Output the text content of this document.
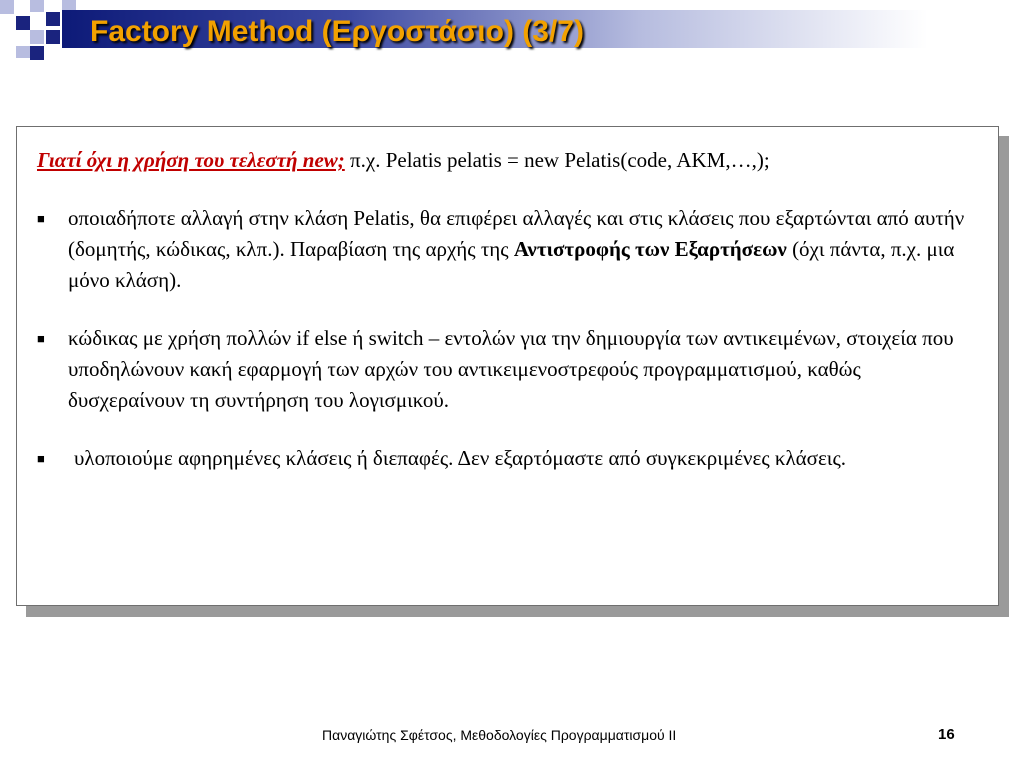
Factory Method (Εργοστάσιο) (3/7)

Γιατί όχι η χρήση του τελεστή new; π.χ. Pelatis pelatis = new Pelatis(code, AKM,…,);

■ οποιαδήποτε αλλαγή στην κλάση Pelatis, θα επιφέρει αλλαγές και στις κλάσεις που εξαρτώνται από αυτήν (δομητής, κώδικας, κλπ.). Παραβίαση της αρχής της Αντιστροφής των Εξαρτήσεων (όχι πάντα, π.χ. μια μόνο κλάση).
■ κώδικας με χρήση πολλών if else ή switch – εντολών για την δημιουργία των αντικειμένων, στοιχεία που υποδηλώνουν κακή εφαρμογή των αρχών του αντικειμενοστρεφούς προγραμματισμού, καθώς δυσχεραίνουν τη συντήρηση του λογισμικού.
■ υλοποιούμε αφηρημένες κλάσεις ή διεπαφές. Δεν εξαρτόμαστε από συγκεκριμένες κλάσεις.
Παναγιώτης Σφέτσος, Μεθοδολογίες Προγραμματισμού ΙΙ	16
